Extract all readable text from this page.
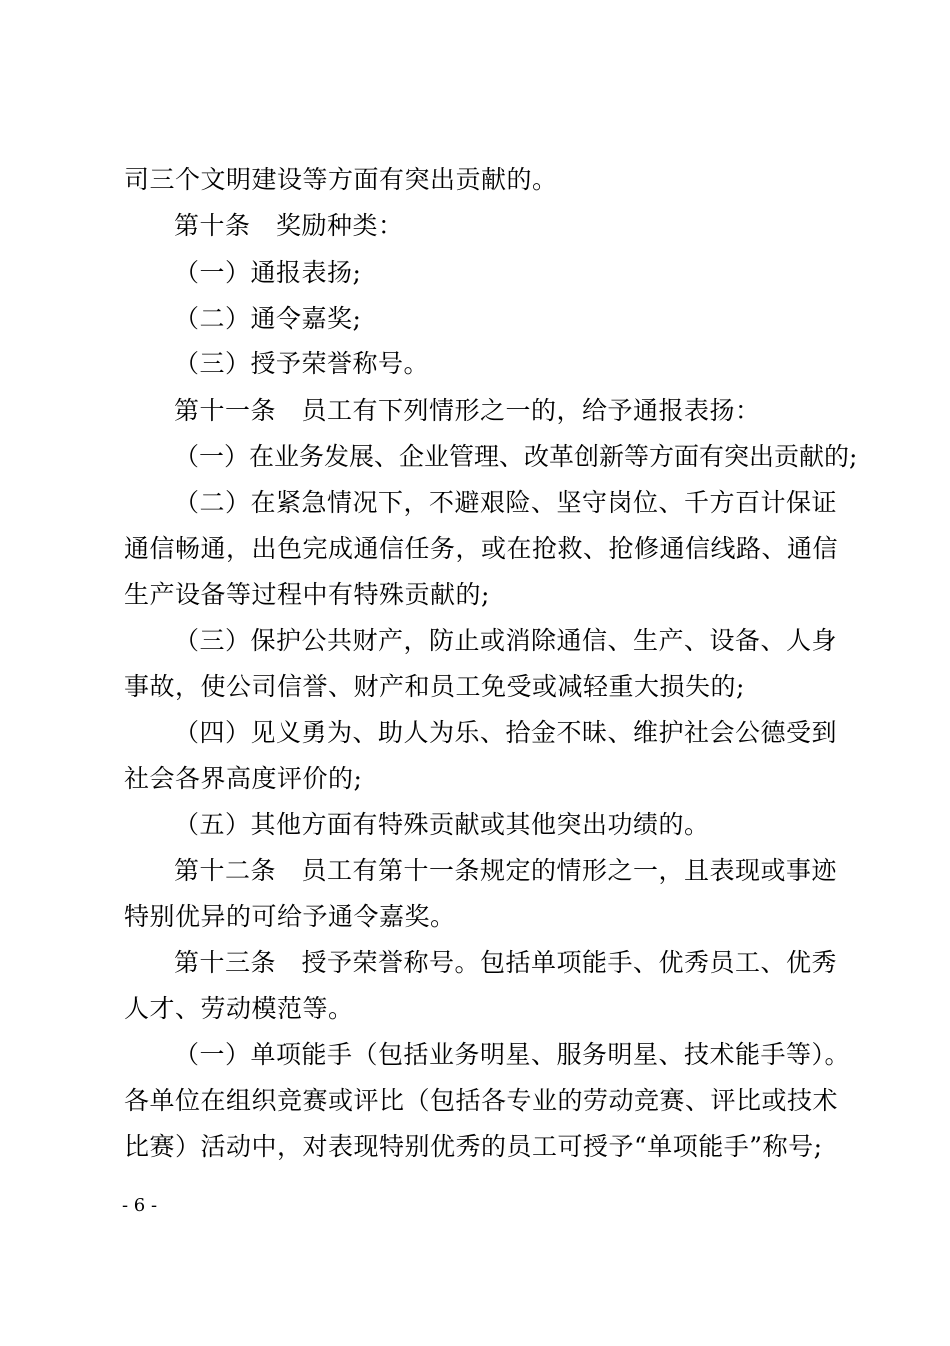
司三个文明建设等方面有突出贡献的。
第十条　奖励种类：
（一）通报表扬;
（二）通令嘉奖;
（三）授予荣誉称号。
第十一条　员工有下列情形之一的，给予通报表扬：
（一）在业务发展、企业管理、改革创新等方面有突出贡献的;
（二）在紧急情况下，不避艰险、坚守岗位、千方百计保证
通信畅通，出色完成通信任务，或在抢救、抢修通信线路、通信
生产设备等过程中有特殊贡献的;
（三）保护公共财产，防止或消除通信、生产、设备、人身
事故，使公司信誉、财产和员工免受或减轻重大损失的;
（四）见义勇为、助人为乐、拾金不昧、维护社会公德受到
社会各界高度评价的;
（五）其他方面有特殊贡献或其他突出功绩的。
第十二条　员工有第十一条规定的情形之一，且表现或事迹
特别优异的可给予通令嘉奖。
第十三条　授予荣誉称号。包括单项能手、优秀员工、优秀
人才、劳动模范等。
（一）单项能手（包括业务明星、服务明星、技术能手等）。
各单位在组织竞赛或评比（包括各专业的劳动竞赛、评比或技术
比赛）活动中，对表现特别优秀的员工可授予“单项能手”称号;
- 6 -
